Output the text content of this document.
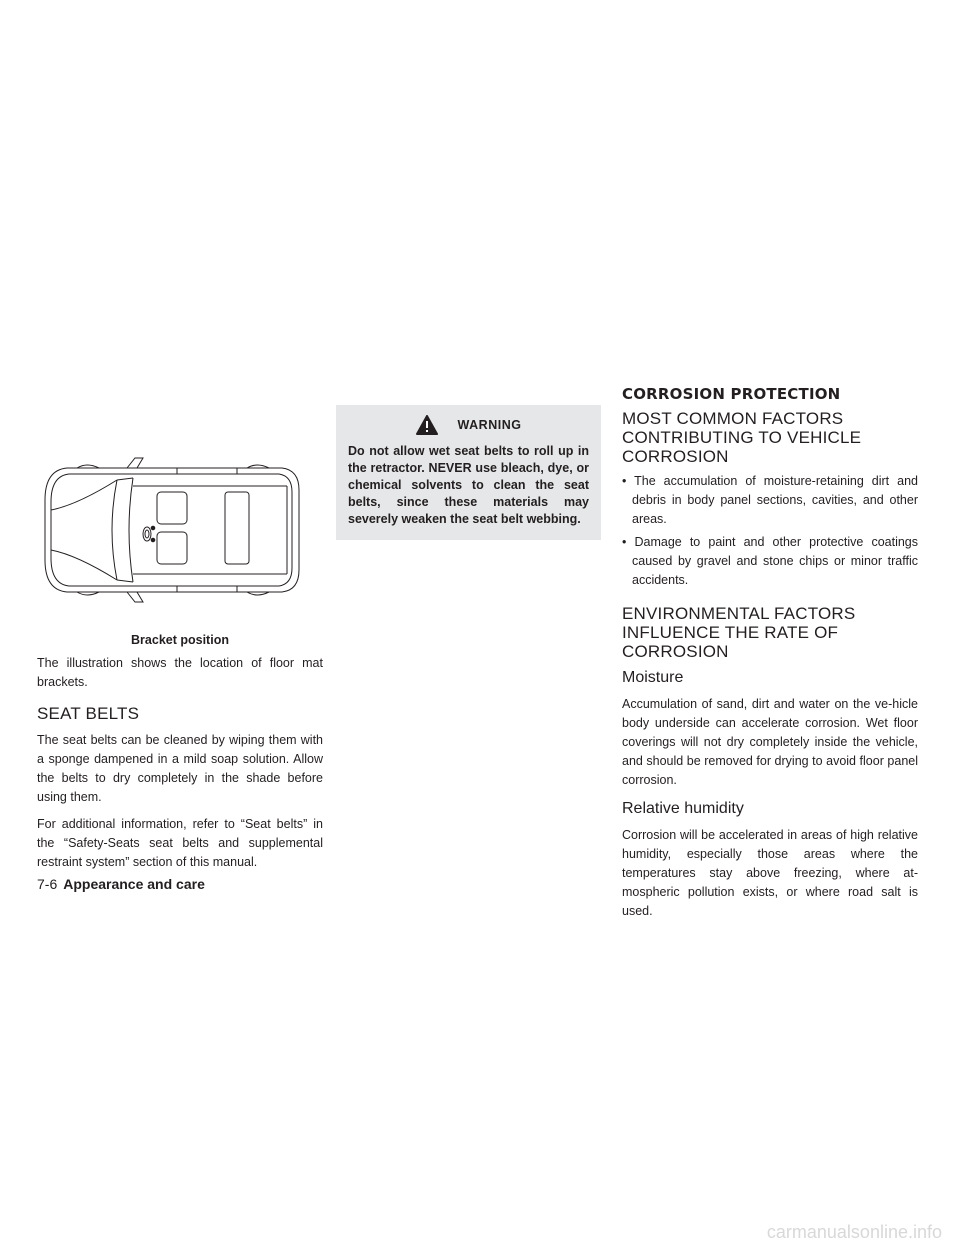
Bracket position

The illustration shows the location of floor mat brackets.

SEAT BELTS

The seat belts can be cleaned by wiping them with a sponge dampened in a mild soap solution. Allow the belts to dry completely in the shade before using them.

For additional information, refer to “Seat belts” in the “Safety-Seats seat belts and supplemental restraint system” section of this manual.

WARNING

Do not allow wet seat belts to roll up in the retractor. NEVER use bleach, dye, or chemical solvents to clean the seat belts, since these materials may severely weaken the seat belt webbing.

CORROSION PROTECTION
MOST COMMON FACTORS CONTRIBUTING TO VEHICLE CORROSION
• The accumulation of moisture-retaining dirt and debris in body panel sections, cavities, and other areas.
• Damage to paint and other protective coatings caused by gravel and stone chips or minor traffic accidents.
ENVIRONMENTAL FACTORS INFLUENCE THE RATE OF CORROSION
Moisture

Accumulation of sand, dirt and water on the ve-hicle body underside can accelerate corrosion. Wet floor coverings will not dry completely inside the vehicle, and should be removed for drying to avoid floor panel corrosion.

Relative humidity

Corrosion will be accelerated in areas of high relative humidity, especially those areas where the temperatures stay above freezing, where at-mospheric pollution exists, or where road salt is used.

7-6 Appearance and care
carmanualsonline.info
